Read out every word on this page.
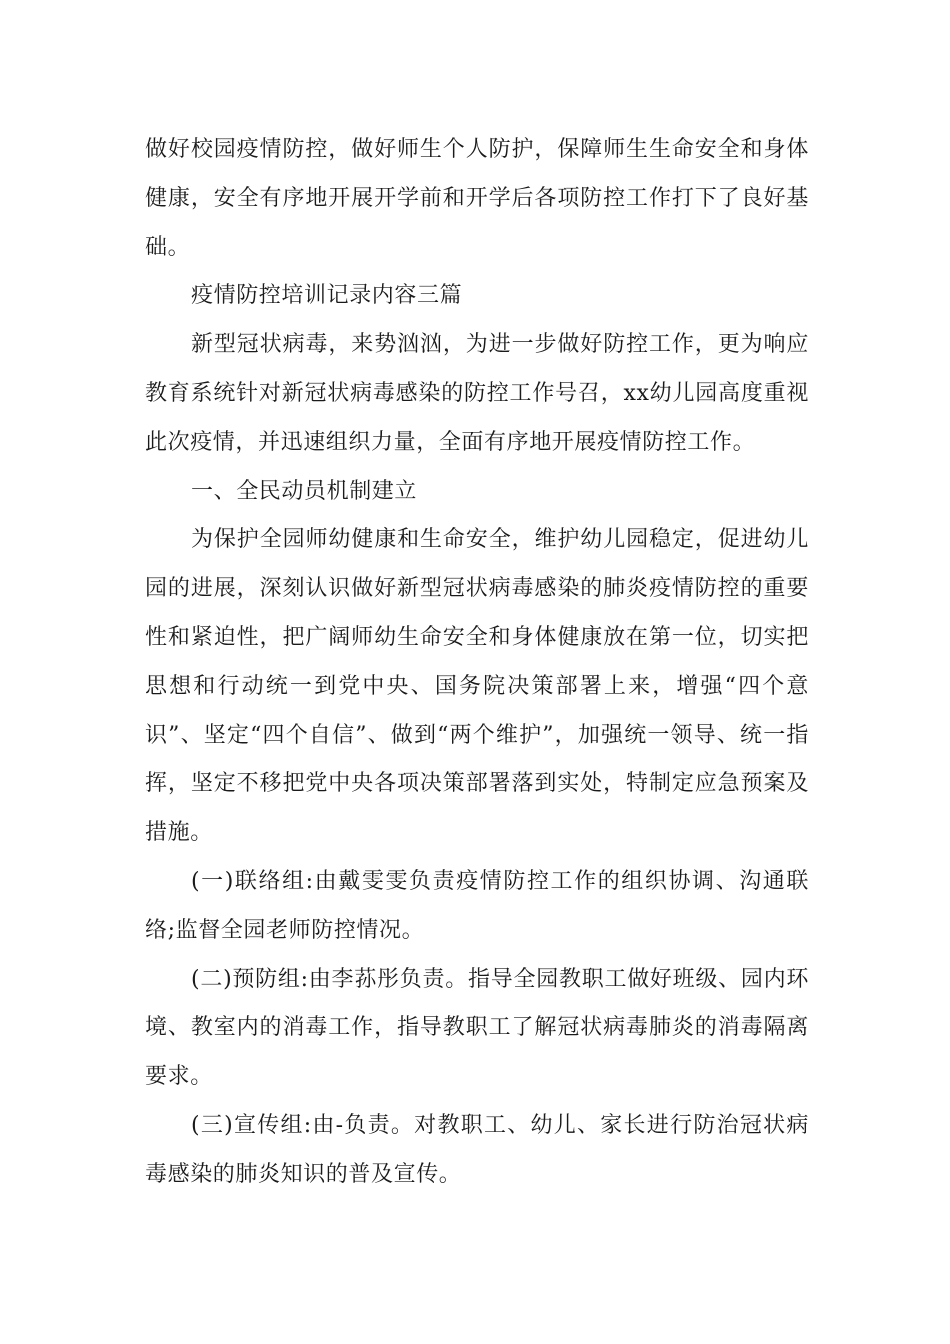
做好校园疫情防控，做好师生个人防护，保障师生生命安全和身体健康，安全有序地开展开学前和开学后各项防控工作打下了良好基础。

疫情防控培训记录内容三篇

新型冠状病毒，来势汹汹，为进一步做好防控工作，更为响应教育系统针对新冠状病毒感染的防控工作号召，xx幼儿园高度重视此次疫情，并迅速组织力量，全面有序地开展疫情防控工作。

一、全民动员机制建立

为保护全园师幼健康和生命安全，维护幼儿园稳定，促进幼儿园的进展，深刻认识做好新型冠状病毒感染的肺炎疫情防控的重要性和紧迫性，把广阔师幼生命安全和身体健康放在第一位，切实把思想和行动统一到党中央、国务院决策部署上来，增强“四个意识”、坚定“四个自信”、做到“两个维护”，加强统一领导、统一指挥，坚定不移把党中央各项决策部署落到实处，特制定应急预案及措施。

(一)联络组:由戴雯雯负责疫情防控工作的组织协调、沟通联络;监督全园老师防控情况。

(二)预防组:由李荪彤负责。指导全园教职工做好班级、园内环境、教室内的消毒工作，指导教职工了解冠状病毒肺炎的消毒隔离要求。

(三)宣传组:由-负责。对教职工、幼儿、家长进行防治冠状病毒感染的肺炎知识的普及宣传。
